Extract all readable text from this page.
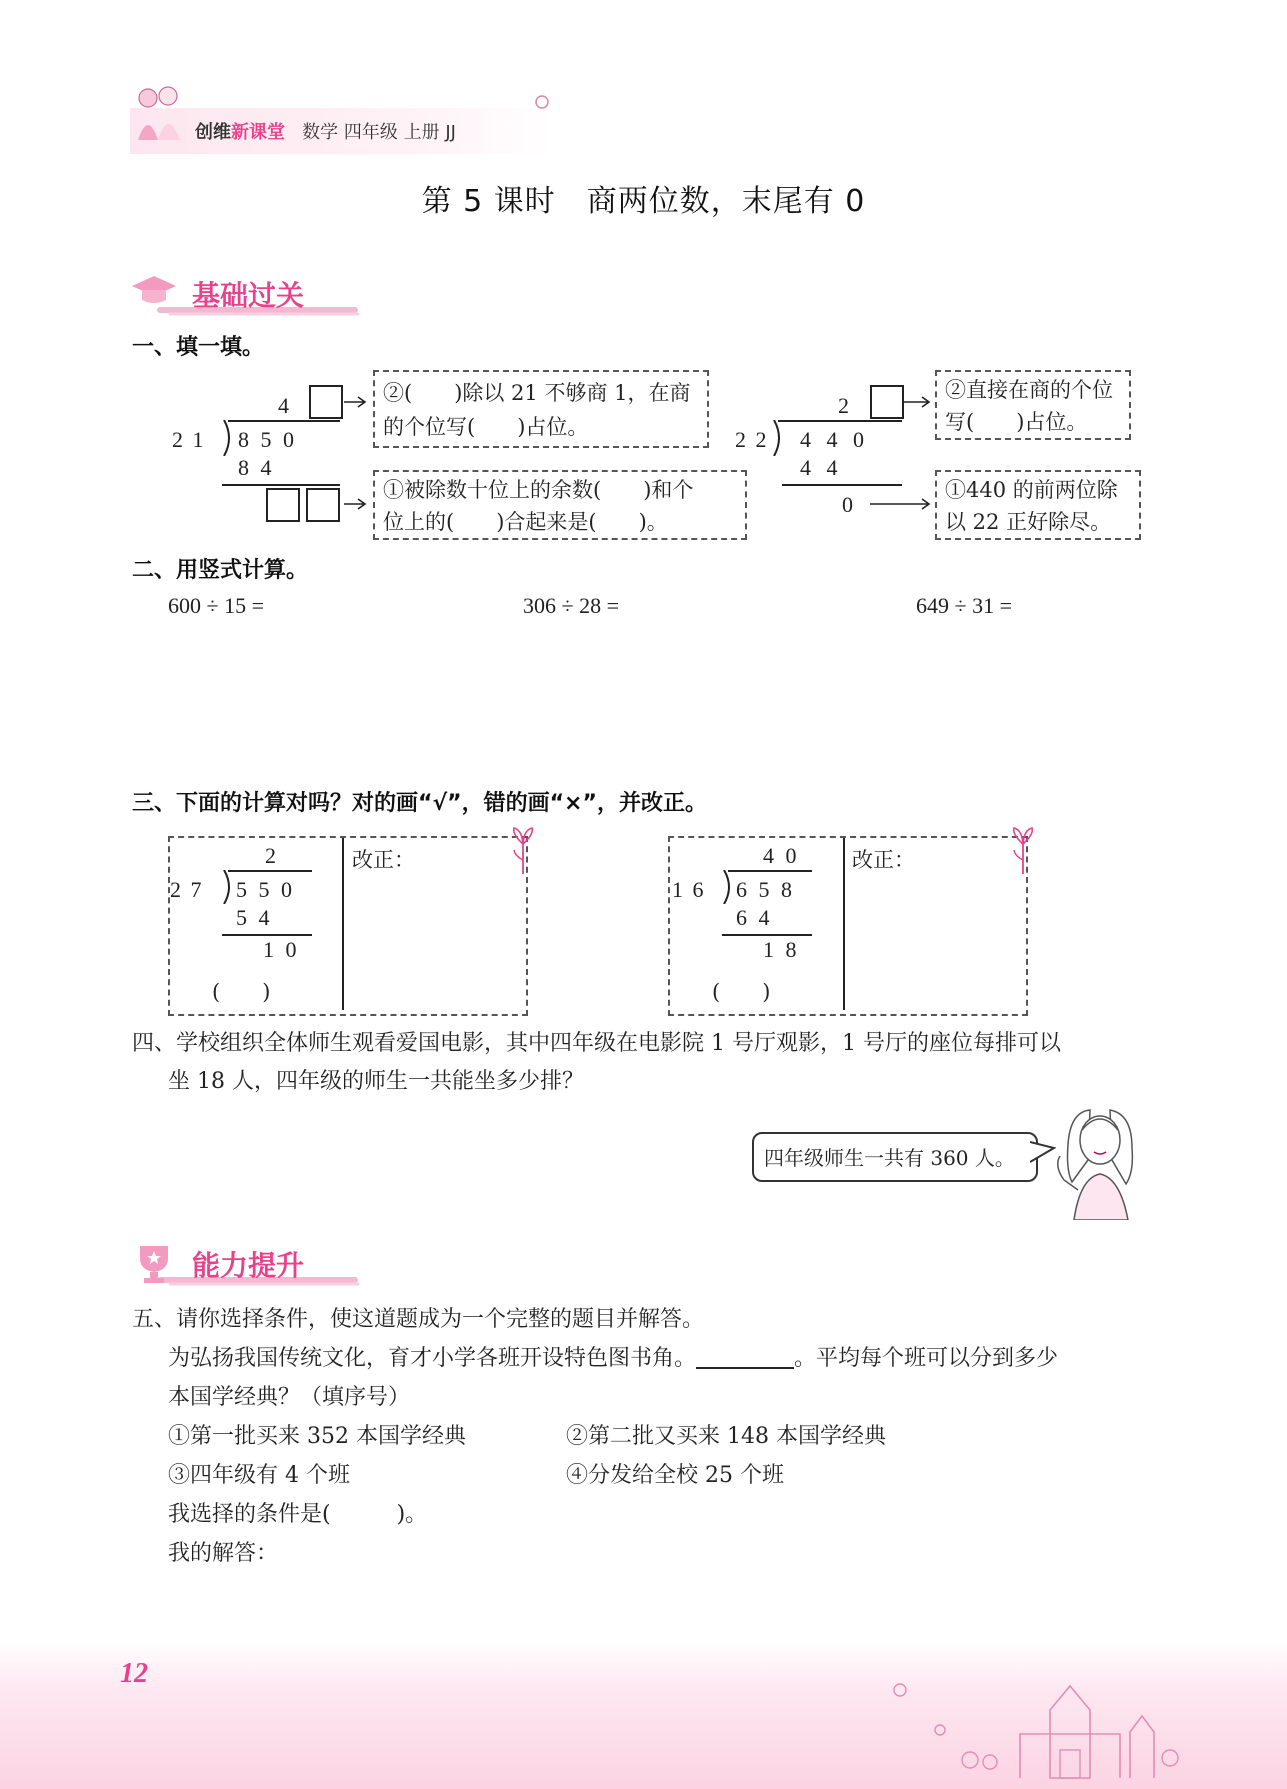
创维新课堂 数学 四年级 上册 JJ
第 5 课时　商两位数，末尾有 0
基础过关
一、填一填。
4
2 1 8 5 0
8 4
②(　　)除以 21 不够商 1，在商
的个位写(　　)占位。
①被除数十位上的余数(　　)和个
位上的(　　)合起来是(　　)。
2
2 2 4 4 0
4 4
0
②直接在商的个位
写(　　)占位。
①440 的前两位除
以 22 正好除尽。
二、用竖式计算。
600 ÷ 15 =	306 ÷ 28 =	649 ÷ 31 =
三、下面的计算对吗？对的画“√”，错的画“×”，并改正。
2
2 7 5 5 0
5 4
1 0
(　　)
改正：	4 0
1 6 6 5 8
6 4
1 8
(　　)
改正：
四、学校组织全体师生观看爱国电影，其中四年级在电影院 1 号厅观影，1 号厅的座位每排可以
坐 18 人，四年级的师生一共能坐多少排？
四年级师生一共有 360 人。
能力提升
五、请你选择条件，使这道题成为一个完整的题目并解答。
为弘扬我国传统文化，育才小学各班开设特色图书角。	。平均每个班可以分到多少
本国学经典？（填序号）
①第一批买来 352 本国学经典	②第二批又买来 148 本国学经典
③四年级有 4 个班	④分发给全校 25 个班
我选择的条件是(　　　)。
我的解答：
12
